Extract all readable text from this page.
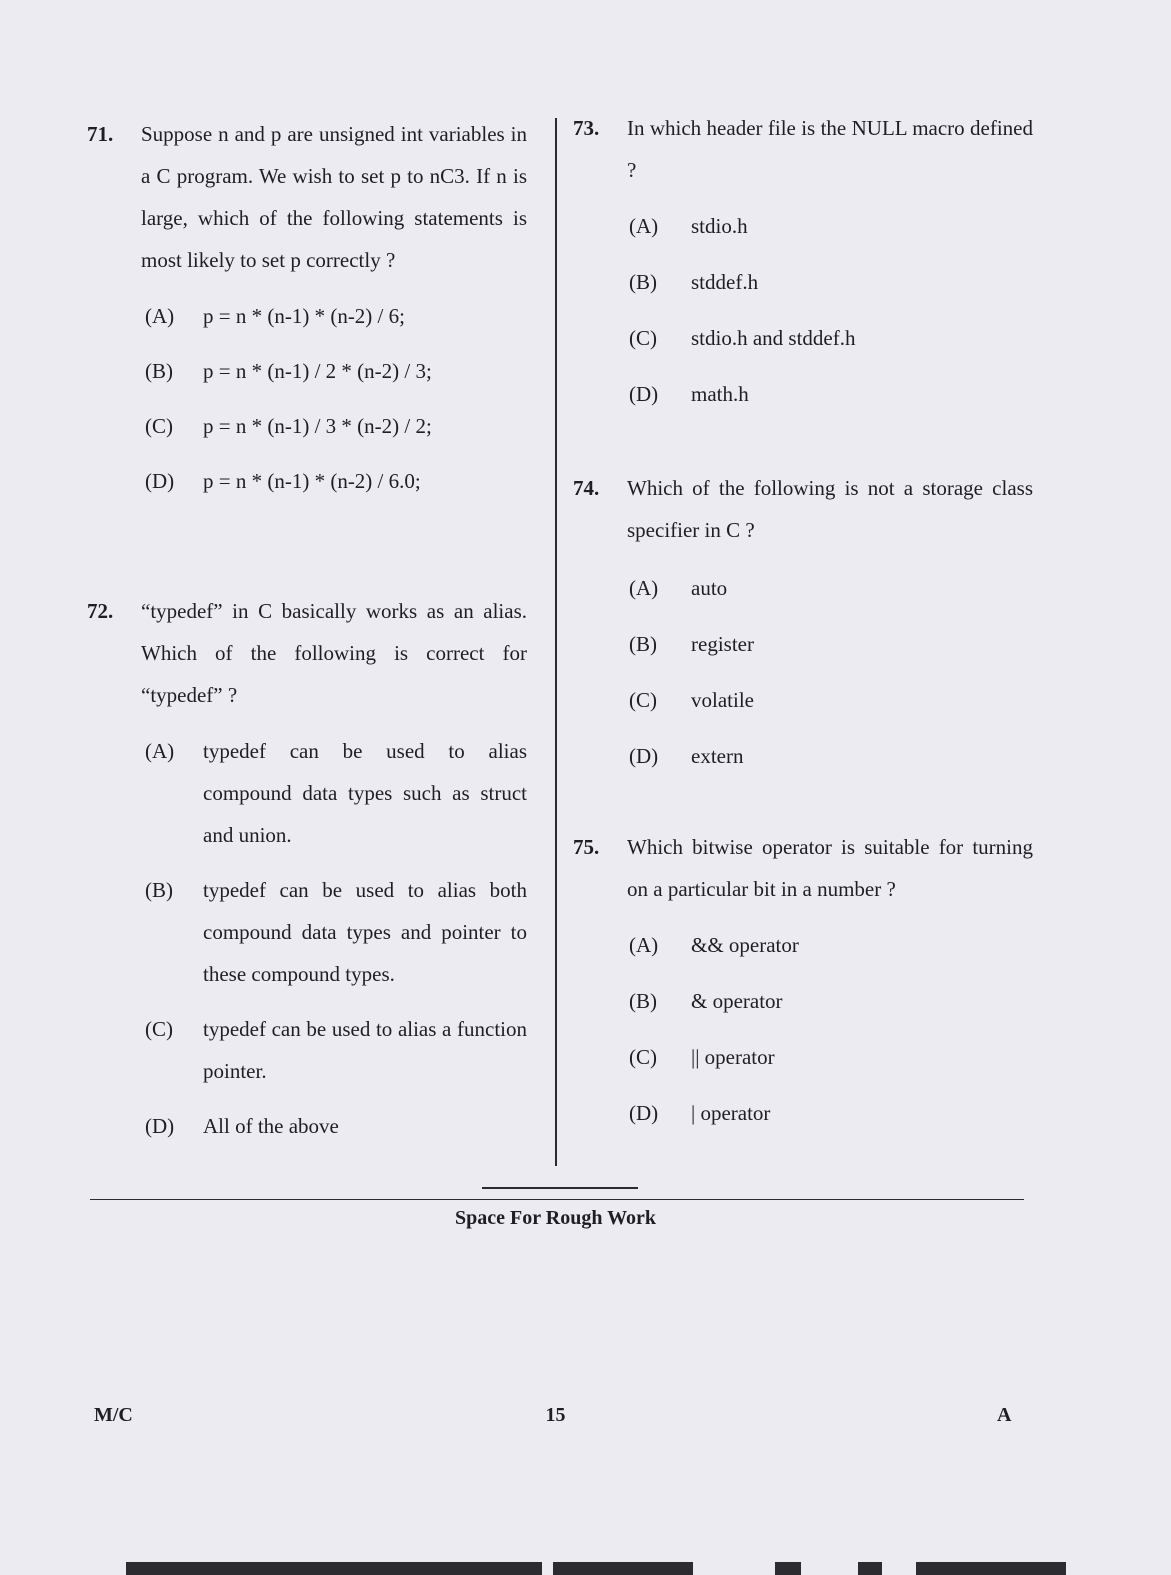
71. Suppose n and p are unsigned int variables in a C program. We wish to set p to nC3. If n is large, which of the following statements is most likely to set p correctly ?
(A) p = n * (n-1) * (n-2) / 6;
(B) p = n * (n-1) / 2 * (n-2) / 3;
(C) p = n * (n-1) / 3 * (n-2) / 2;
(D) p = n * (n-1) * (n-2) / 6.0;
72. “typedef” in C basically works as an alias. Which of the following is correct for “typedef” ?
(A) typedef can be used to alias compound data types such as struct and union.
(B) typedef can be used to alias both compound data types and pointer to these compound types.
(C) typedef can be used to alias a function pointer.
(D) All of the above
73. In which header file is the NULL macro defined ?
(A) stdio.h
(B) stddef.h
(C) stdio.h and stddef.h
(D) math.h
74. Which of the following is not a storage class specifier in C ?
(A) auto
(B) register
(C) volatile
(D) extern
75. Which bitwise operator is suitable for turning on a particular bit in a number ?
(A) && operator
(B) & operator
(C) || operator
(D) | operator
Space For Rough Work
M/C	15	A
